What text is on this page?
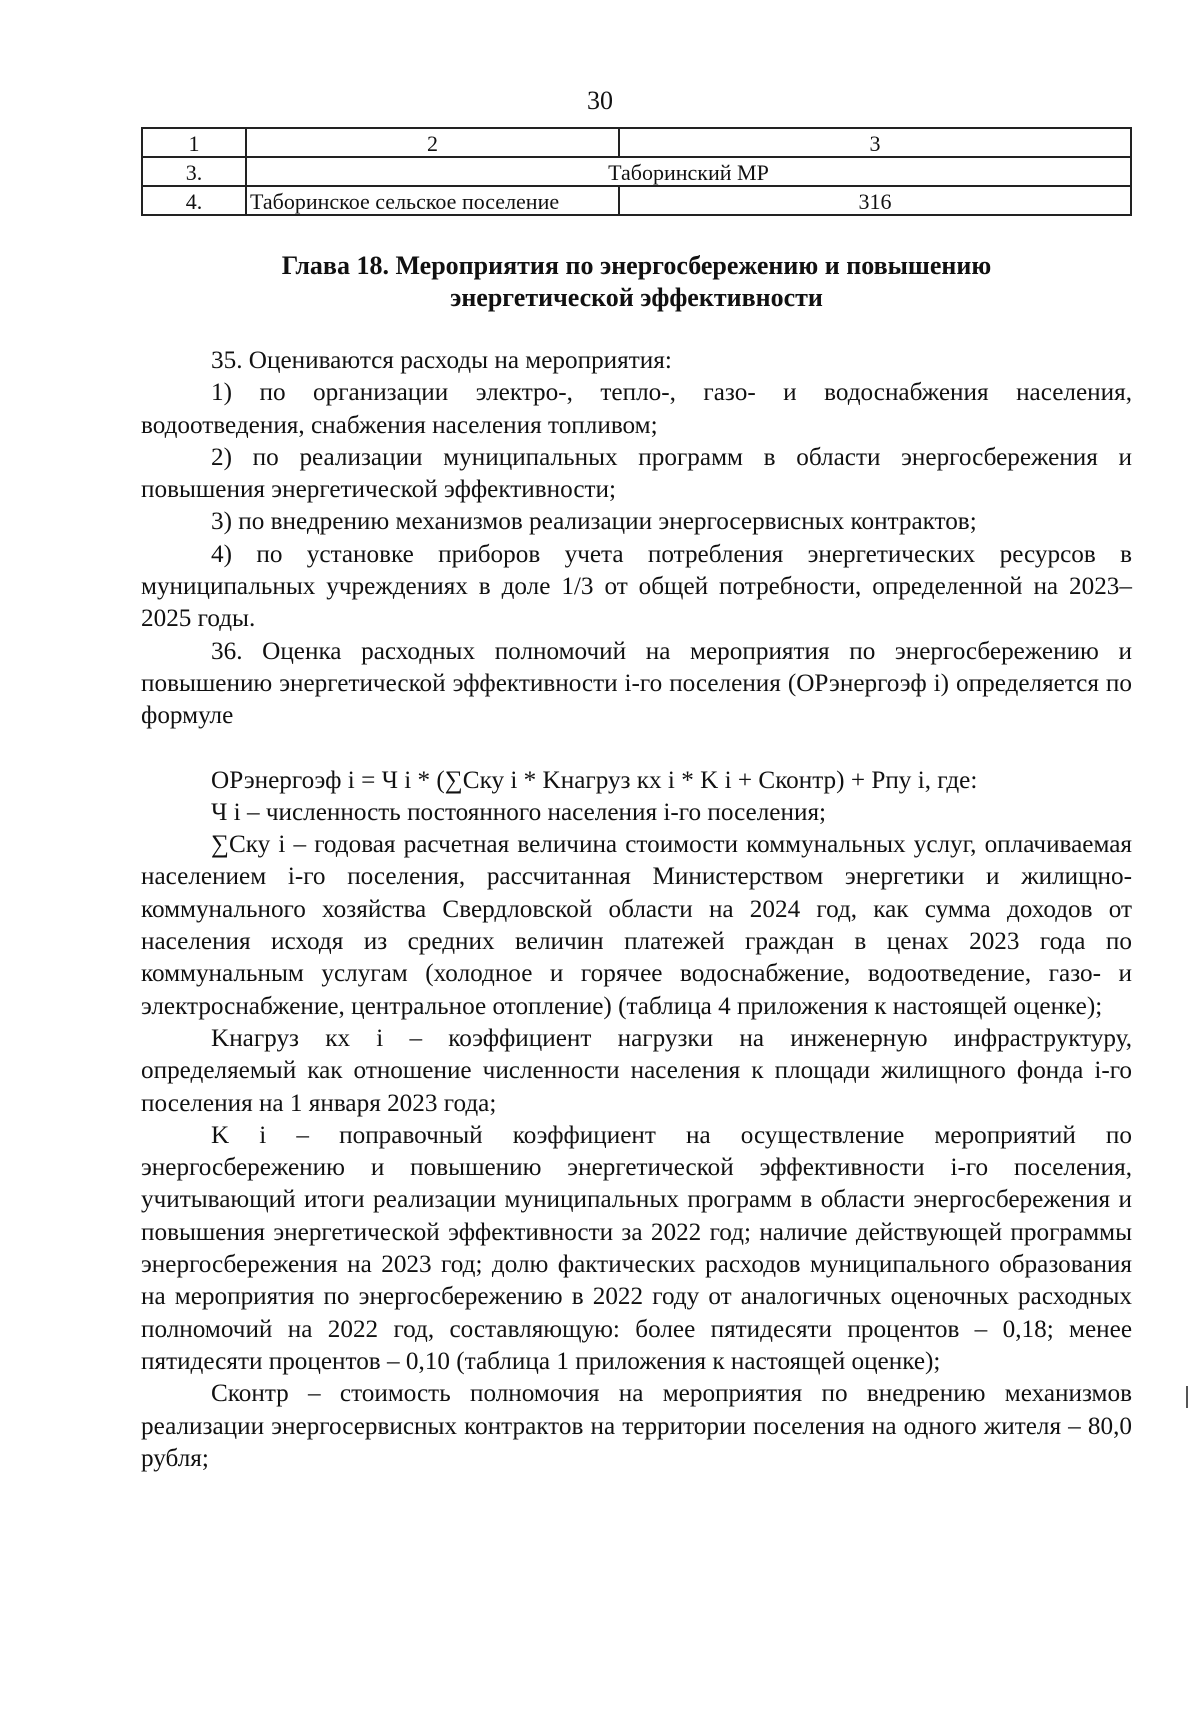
30
1	2	3
3.	Таборинский МР	
4.	Таборинское сельское поселение	316
Глава 18. Мероприятия по энергосбережению и повышению
энергетической эффективности

35. Оцениваются расходы на мероприятия:

1) по организации электро-, тепло-, газо- и водоснабжения населения, водоотведения, снабжения населения топливом;

2) по реализации муниципальных программ в области энергосбережения и повышения энергетической эффективности;

3) по внедрению механизмов реализации энергосервисных контрактов;

4) по установке приборов учета потребления энергетических ресурсов в муниципальных учреждениях в доле 1/3 от общей потребности, определенной на 2023–2025 годы.

36. Оценка расходных полномочий на мероприятия по энергосбережению и повышению энергетической эффективности i-го поселения (ОРэнергоэф i) определяется по формуле

ОРэнергоэф i = Ч i * (∑Cку i * Kнагруз кх i * K i + Cконтр) + Рпу i, где:

Ч i – численность постоянного населения i-го поселения;

∑Cку i – годовая расчетная величина стоимости коммунальных услуг, оплачиваемая населением i-го поселения, рассчитанная Министерством энергетики и жилищно-коммунального хозяйства Свердловской области на 2024 год, как сумма доходов от населения исходя из средних величин платежей граждан в ценах 2023 года по коммунальным услугам (холодное и горячее водоснабжение, водоотведение, газо- и электроснабжение, центральное отопление) (таблица 4 приложения к настоящей оценке);

Kнагруз кх i – коэффициент нагрузки на инженерную инфраструктуру, определяемый как отношение численности населения к площади жилищного фонда i-го поселения на 1 января 2023 года;

K i – поправочный коэффициент на осуществление мероприятий по энергосбережению и повышению энергетической эффективности i-го поселения, учитывающий итоги реализации муниципальных программ в области энергосбережения и повышения энергетической эффективности за 2022 год; наличие действующей программы энергосбережения на 2023 год; долю фактических расходов муниципального образования на мероприятия по энергосбережению в 2022 году от аналогичных оценочных расходных полномочий на 2022 год, составляющую: более пятидесяти процентов – 0,18; менее пятидесяти процентов – 0,10 (таблица 1 приложения к настоящей оценке);

Cконтр – стоимость полномочия на мероприятия по внедрению механизмов реализации энергосервисных контрактов на территории поселения на одного жителя – 80,0 рубля;
